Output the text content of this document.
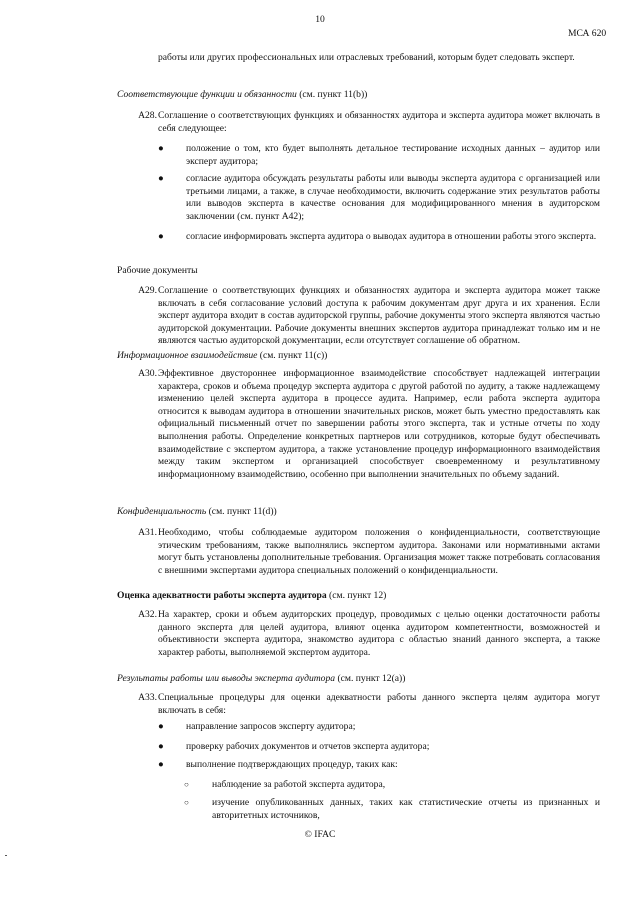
10
МСА 620
работы или других профессиональных или отраслевых требований, которым будет следовать эксперт.
Соответствующие функции и обязанности (см. пункт 11(b))
A28. Соглашение о соответствующих функциях и обязанностях аудитора и эксперта аудитора может включать в себя следующее:
● положение о том, кто будет выполнять детальное тестирование исходных данных – аудитор или эксперт аудитора;
● согласие аудитора обсуждать результаты работы или выводы эксперта аудитора с организацией или третьими лицами, а также, в случае необходимости, включить содержание этих результатов работы или выводов эксперта в качестве основания для модифицированного мнения в аудиторском заключении (см. пункт A42);
● согласие информировать эксперта аудитора о выводах аудитора в отношении работы этого эксперта.
Рабочие документы
A29. Соглашение о соответствующих функциях и обязанностях аудитора и эксперта аудитора может также включать в себя согласование условий доступа к рабочим документам друг друга и их хранения. Если эксперт аудитора входит в состав аудиторской группы, рабочие документы этого эксперта являются частью аудиторской документации. Рабочие документы внешних экспертов аудитора принадлежат только им и не являются частью аудиторской документации, если отсутствует соглашение об обратном.
Информационное взаимодействие (см. пункт 11(c))
A30. Эффективное двустороннее информационное взаимодействие способствует надлежащей интеграции характера, сроков и объема процедур эксперта аудитора с другой работой по аудиту, а также надлежащему изменению целей эксперта аудитора в процессе аудита. Например, если работа эксперта аудитора относится к выводам аудитора в отношении значительных рисков, может быть уместно предоставлять как официальный письменный отчет по завершении работы этого эксперта, так и устные отчеты по ходу выполнения работы. Определение конкретных партнеров или сотрудников, которые будут обеспечивать взаимодействие с экспертом аудитора, а также установление процедур информационного взаимодействия между таким экспертом и организацией способствует своевременному и результативному информационному взаимодействию, особенно при выполнении значительных по объему заданий.
Конфиденциальность (см. пункт 11(d))
A31. Необходимо, чтобы соблюдаемые аудитором положения о конфиденциальности, соответствующие этическим требованиям, также выполнялись экспертом аудитора. Законами или нормативными актами могут быть установлены дополнительные требования. Организация может также потребовать согласования с внешними экспертами аудитора специальных положений о конфиденциальности.
Оценка адекватности работы эксперта аудитора (см. пункт 12)
A32. На характер, сроки и объем аудиторских процедур, проводимых с целью оценки достаточности работы данного эксперта для целей аудитора, влияют оценка аудитором компетентности, возможностей и объективности эксперта аудитора, знакомство аудитора с областью знаний данного эксперта, а также характер работы, выполняемой экспертом аудитора.
Результаты работы или выводы эксперта аудитора (см. пункт 12(a))
A33. Специальные процедуры для оценки адекватности работы данного эксперта целям аудитора могут включать в себя:
● направление запросов эксперту аудитора;
● проверку рабочих документов и отчетов эксперта аудитора;
● выполнение подтверждающих процедур, таких как:
○ наблюдение за работой эксперта аудитора,
○ изучение опубликованных данных, таких как статистические отчеты из признанных и авторитетных источников,
© IFAC
